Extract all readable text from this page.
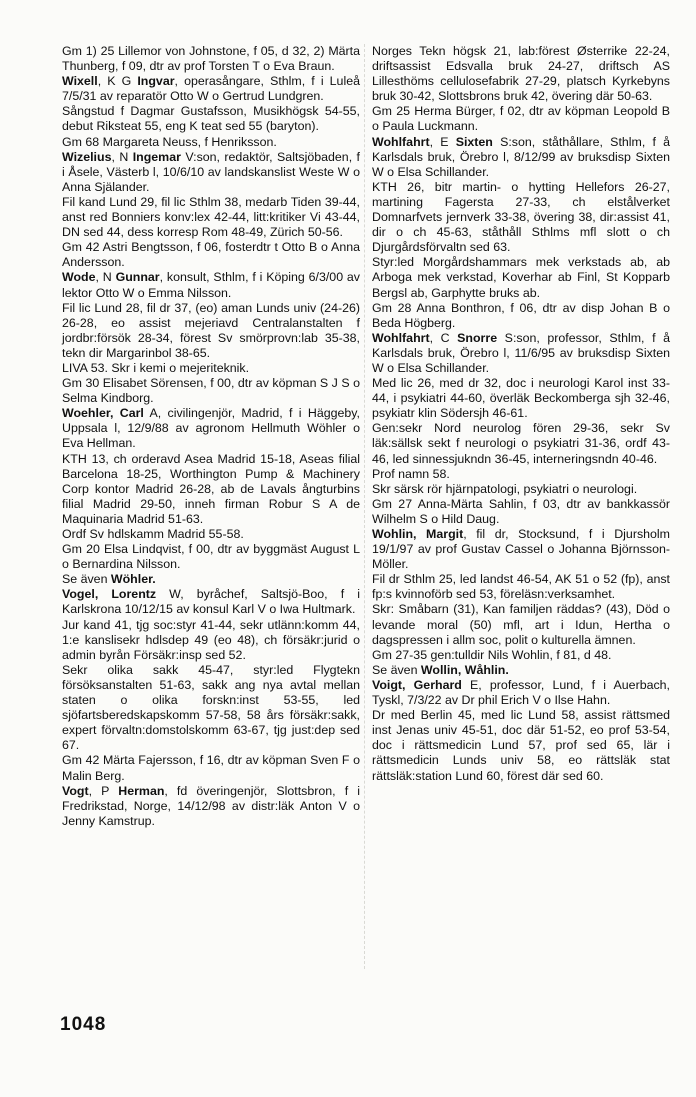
Gm 1) 25 Lillemor von Johnstone, f 05, d 32, 2) Märta Thunberg, f 09, dtr av prof Torsten T o Eva Braun.

Wixell, K G Ingvar, operasångare, Sthlm, f i Luleå 7/5/31 av reparatör Otto W o Gertrud Lundgren.

Sångstud f Dagmar Gustafsson, Musikhögsk 54-55, debut Riksteat 55, eng K teat sed 55 (baryton).

Gm 68 Margareta Neuss, f Henriksson.

Wizelius, N Ingemar V:son, redaktör, Saltsjöbaden, f i Åsele, Västerb l, 10/6/10 av landskanslist Weste W o Anna Själander.

Fil kand Lund 29, fil lic Sthlm 38, medarb Tiden 39-44, anst red Bonniers konv:lex 42-44, litt:kritiker Vi 43-44, DN sed 44, dess korresp Rom 48-49, Zürich 50-56.

Gm 42 Astri Bengtsson, f 06, fosterdtr t Otto B o Anna Andersson.

Wode, N Gunnar, konsult, Sthlm, f i Köping 6/3/00 av lektor Otto W o Emma Nilsson.

Fil lic Lund 28, fil dr 37, (eo) aman Lunds univ (24-26) 26-28, eo assist mejeriavd Centralanstalten f jordbr:försök 28-34, förest Sv smörprovn:lab 35-38, tekn dir Margarinbol 38-65.

LIVA 53. Skr i kemi o mejeriteknik.

Gm 30 Elisabet Sörensen, f 00, dtr av köpman S J S o Selma Kindborg.

Woehler, Carl A, civilingenjör, Madrid, f i Häggeby, Uppsala l, 12/9/88 av agronom Hellmuth Wöhler o Eva Hellman.

KTH 13, ch orderavd Asea Madrid 15-18, Aseas filial Barcelona 18-25, Worthington Pump & Machinery Corp kontor Madrid 26-28, ab de Lavals ångturbins filial Madrid 29-50, inneh firman Robur S A de Maquinaria Madrid 51-63.

Ordf Sv hdlskamm Madrid 55-58.

Gm 20 Elsa Lindqvist, f 00, dtr av byggmäst August L o Bernardina Nilsson.

Se även Wöhler.

Vogel, Lorentz W, byråchef, Saltsjö-Boo, f i Karlskrona 10/12/15 av konsul Karl V o Iwa Hultmark.

Jur kand 41, tjg soc:styr 41-44, sekr utlänn:komm 44, 1:e kanslisekr hdlsdep 49 (eo 48), ch försäkr:jurid o admin byrån Försäkr:insp sed 52.

Sekr olika sakk 45-47, styr:led Flygtekn försöksanstalten 51-63, sakk ang nya avtal mellan staten o olika forskn:inst 53-55, led sjöfartsberedskapskomm 57-58, 58 års försäkr:sakk, expert förvaltn:domstolskomm 63-67, tjg just:dep sed 67.

Gm 42 Märta Fajersson, f 16, dtr av köpman Sven F o Malin Berg.

Vogt, P Herman, fd överingenjör, Slottsbron, f i Fredrikstad, Norge, 14/12/98 av distr:läk Anton V o Jenny Kamstrup.

Norges Tekn högsk 21, lab:förest Østerrike 22-24, driftsassist Edsvalla bruk 24-27, driftsch AS Lillesthöms cellulosefabrik 27-29, platsch Kyrkebyns bruk 30-42, Slottsbrons bruk 42, övering där 50-63.

Gm 25 Herma Bürger, f 02, dtr av köpman Leopold B o Paula Luckmann.

Wohlfahrt, E Sixten S:son, ståthållare, Sthlm, f å Karlsdals bruk, Örebro l, 8/12/99 av bruksdisp Sixten W o Elsa Schillander.

KTH 26, bitr martin- o hytting Hellefors 26-27, martining Fagersta 27-33, ch elstålverket Domnarfvets jernverk 33-38, övering 38, dir:assist 41, dir o ch 45-63, ståthåll Sthlms mfl slott o ch Djurgårdsförvaltn sed 63.

Styr:led Morgårdshammars mek verkstads ab, ab Arboga mek verkstad, Koverhar ab Finl, St Kopparb Bergsl ab, Garphytte bruks ab.

Gm 28 Anna Bonthron, f 06, dtr av disp Johan B o Beda Högberg.

Wohlfahrt, C Snorre S:son, professor, Sthlm, f å Karlsdals bruk, Örebro l, 11/6/95 av bruksdisp Sixten W o Elsa Schillander.

Med lic 26, med dr 32, doc i neurologi Karol inst 33-44, i psykiatri 44-60, överläk Beckomberga sjh 32-46, psykiatr klin Södersjh 46-61.

Gen:sekr Nord neurolog fören 29-36, sekr Sv läk:sällsk sekt f neurologi o psykiatri 31-36, ordf 43-46, led sinnessjukndn 36-45, interneringsndn 40-46.

Prof namn 58.

Skr särsk rör hjärnpatologi, psykiatri o neurologi.

Gm 27 Anna-Märta Sahlin, f 03, dtr av bankkassör Wilhelm S o Hild Daug.

Wohlin, Margit, fil dr, Stocksund, f i Djursholm 19/1/97 av prof Gustav Cassel o Johanna Björnsson-Möller.

Fil dr Sthlm 25, led landst 46-54, AK 51 o 52 (fp), anst fp:s kvinnoförb sed 53, föreläsn:verksamhet.

Skr: Småbarn (31), Kan familjen räddas? (43), Död o levande moral (50) mfl, art i Idun, Hertha o dagspressen i allm soc, polit o kulturella ämnen.

Gm 27-35 gen:tulldir Nils Wohlin, f 81, d 48.

Se även Wollin, Wåhlin.

Voigt, Gerhard E, professor, Lund, f i Auerbach, Tyskl, 7/3/22 av Dr phil Erich V o Ilse Hahn.

Dr med Berlin 45, med lic Lund 58, assist rättsmed inst Jenas univ 45-51, doc där 51-52, eo prof 53-54, doc i rättsmedicin Lund 57, prof sed 65, lär i rättsmedicin Lunds univ 58, eo rättsläk stat rättsläk:station Lund 60, förest där sed 60.

1048
